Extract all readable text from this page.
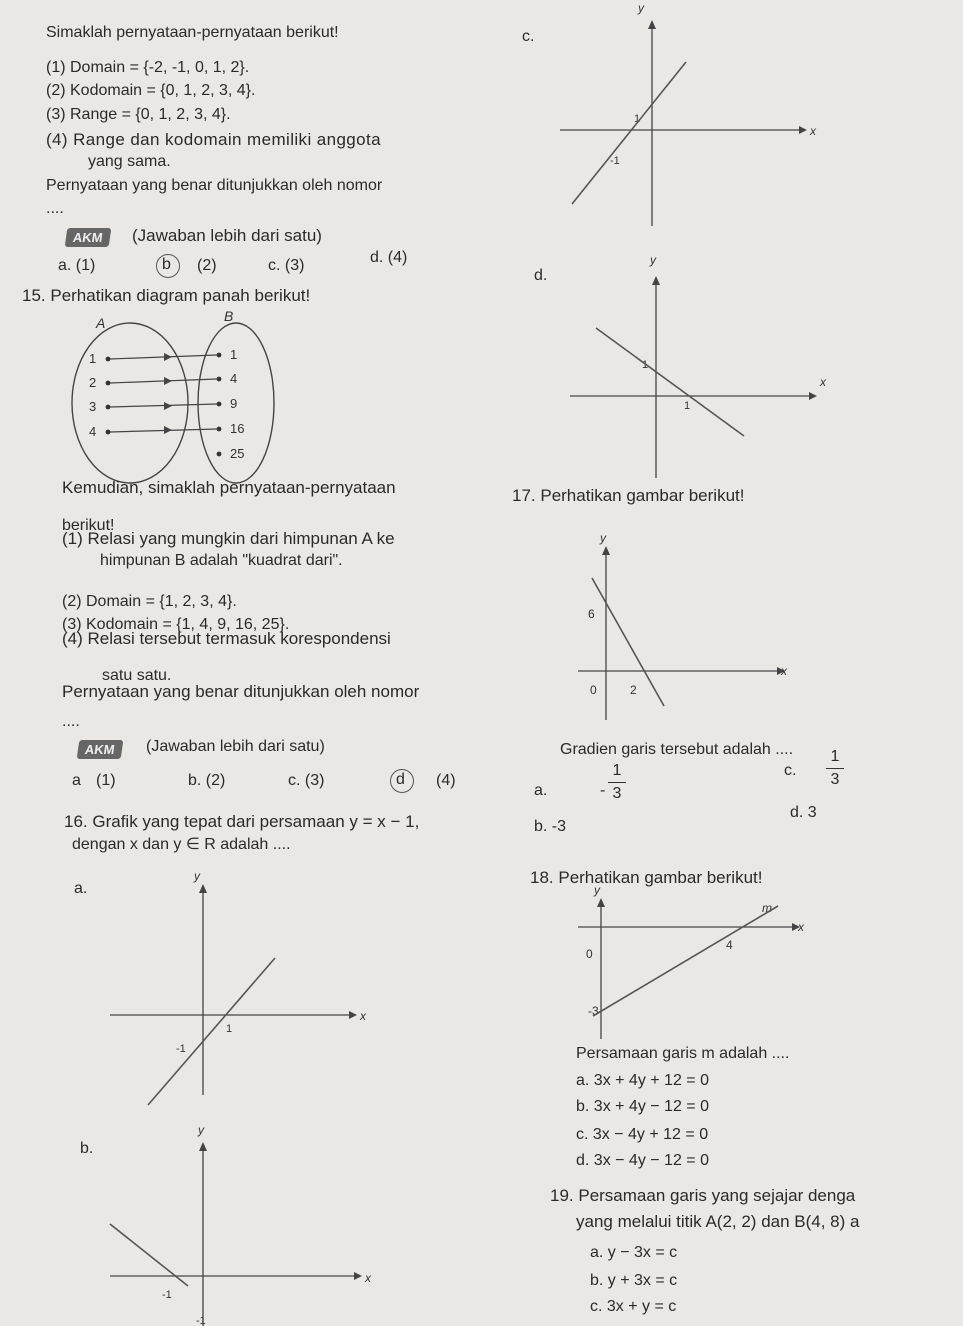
Simaklah pernyataan-pernyataan berikut!
(1) Domain = {-2, -1, 0, 1, 2}.
(2) Kodomain = {0, 1, 2, 3, 4}.
(3) Range = {0, 1, 2, 3, 4}.
(4) Range dan kodomain memiliki anggota
yang sama.
Pernyataan yang benar ditunjukkan oleh nomor
....
AKM	(Jawaban lebih dari satu)
a. (1)	b (2)	c. (3)	d. (4)
15. Perhatikan diagram panah berikut!
A	B
1
2
3
4
1
4
9
16
25
Kemudian, simaklah pernyataan-pernyataan
berikut!
(1) Relasi yang mungkin dari himpunan A ke
himpunan B adalah "kuadrat dari".
(2) Domain = {1, 2, 3, 4}.
(3) Kodomain = {1, 4, 9, 16, 25}.
(4) Relasi tersebut termasuk korespondensi
satu satu.
Pernyataan yang benar ditunjukkan oleh nomor
....
AKM	(Jawaban lebih dari satu)
a (1)	b. (2)	c. (3)	d (4)
16. Grafik yang tepat dari persamaan y = x − 1,
dengan x dan y ∈ R adalah ....
a.
y
x
1
-1
b.
y
x
-1
-1
c.
y
x
1
-1
d.
y
x
1
1
17. Perhatikan gambar berikut!
y
x
6
2
0
Gradien garis tersebut adalah ....
a.	-
1
3
b. -3
c.
1
3
d. 3
18. Perhatikan gambar berikut!
y
x
m
0
4
-3
Persamaan garis m adalah ....
a. 3x + 4y + 12 = 0
b. 3x + 4y − 12 = 0
c. 3x − 4y + 12 = 0
d. 3x − 4y − 12 = 0
19. Persamaan garis yang sejajar denga
yang melalui titik A(2, 2) dan B(4, 8) a
a. y − 3x = c
b. y + 3x = c
c. 3x + y = c
